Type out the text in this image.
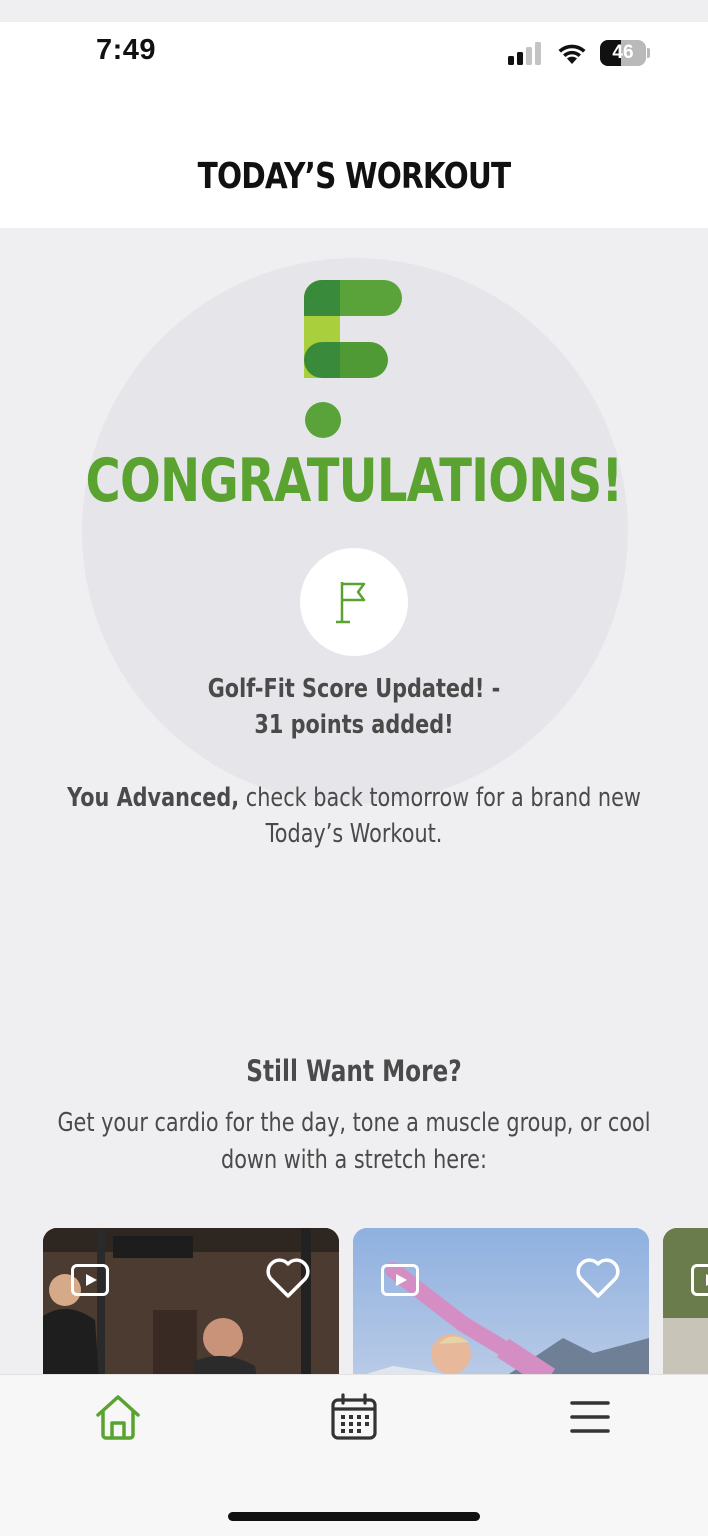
7:49	46
TODAY’S WORKOUT
CONGRATULATIONS!
Golf-Fit Score Updated! -
31 points added!
You Advanced, check back tomorrow for a brand new Today’s Workout.
Still Want More?
Get your cardio for the day, tone a muscle group, or cool down with a stretch here:
